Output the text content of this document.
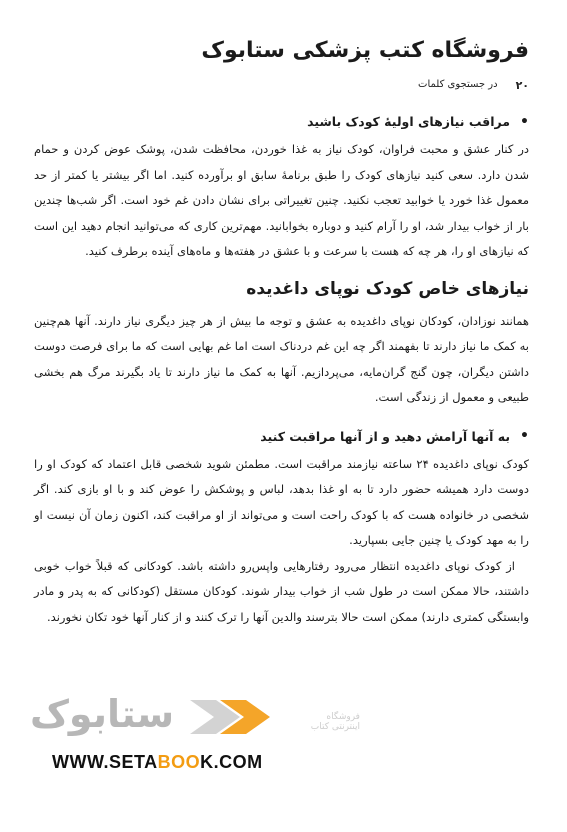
فروشگاه کتب پزشکی ستابوک
۲۰
در جستجوی کلمات
•
مراقب نیازهای اولیهٔ کودک باشید

در کنار عشق و محبت فراوان، کودک نیاز به غذا خوردن، محافظت شدن، پوشک عوض کردن و حمام شدن دارد. سعی کنید نیازهای کودک را طبق برنامهٔ سابق او برآورده کنید. اما اگر بیشتر یا کمتر از حد معمول غذا خورد یا خوابید تعجب نکنید. چنین تغییراتی برای نشان دادن غم خود است. اگر شب‌ها چندین بار از خواب بیدار شد، او را آرام کنید و دوباره بخوابانید. مهم‌ترین کاری که می‌توانید انجام دهید این است که نیازهای او را، هر چه که هست با سرعت و با عشق در هفته‌ها و ماه‌های آینده برطرف کنید.

نیازهای خاص کودک نوپای داغدیده

همانند نوزادان، کودکان نوپای داغدیده به عشق و توجه ما بیش از هر چیز دیگری نیاز دارند. آنها هم‌چنین به کمک ما نیاز دارند تا بفهمند اگر چه این غم دردناک است اما غم بهایی است که ما برای فرصت دوست داشتن دیگران، چون گنج گران‌مایه، می‌پردازیم. آنها به کمک ما نیاز دارند تا یاد بگیرند مرگ هم بخشی طبیعی و معمول از زندگی است.

•
به آنها آرامش دهید و از آنها مراقبت کنید

کودک نوپای داغدیده ۲۴ ساعته نیازمند مراقبت است. مطمئن شوید شخصی قابل اعتماد که کودک او را دوست دارد همیشه حضور دارد تا به او غذا بدهد، لباس و پوشکش را عوض کند و با او بازی کند. اگر شخصی در خانواده هست که با کودک راحت است و می‌تواند از او مراقبت کند، اکنون زمان آن نیست او را به مهد کودک یا چنین جایی بسپارید.

از کودک نوپای داغدیده انتظار می‌رود رفتارهایی واپس‌رو داشته باشد. کودکانی که قبلاً خواب خوبی داشتند، حالا ممکن است در طول شب از خواب بیدار شوند. کودکان مستقل (کودکانی که به پدر و مادر وابستگی کمتری دارند) ممکن است حالا بترسند والدین آنها را ترک کنند و از کنار آنها خود تکان نخورند.

ستابوک	فروشگاه اینترنتی کتاب
WWW.SETABOOK.COM
